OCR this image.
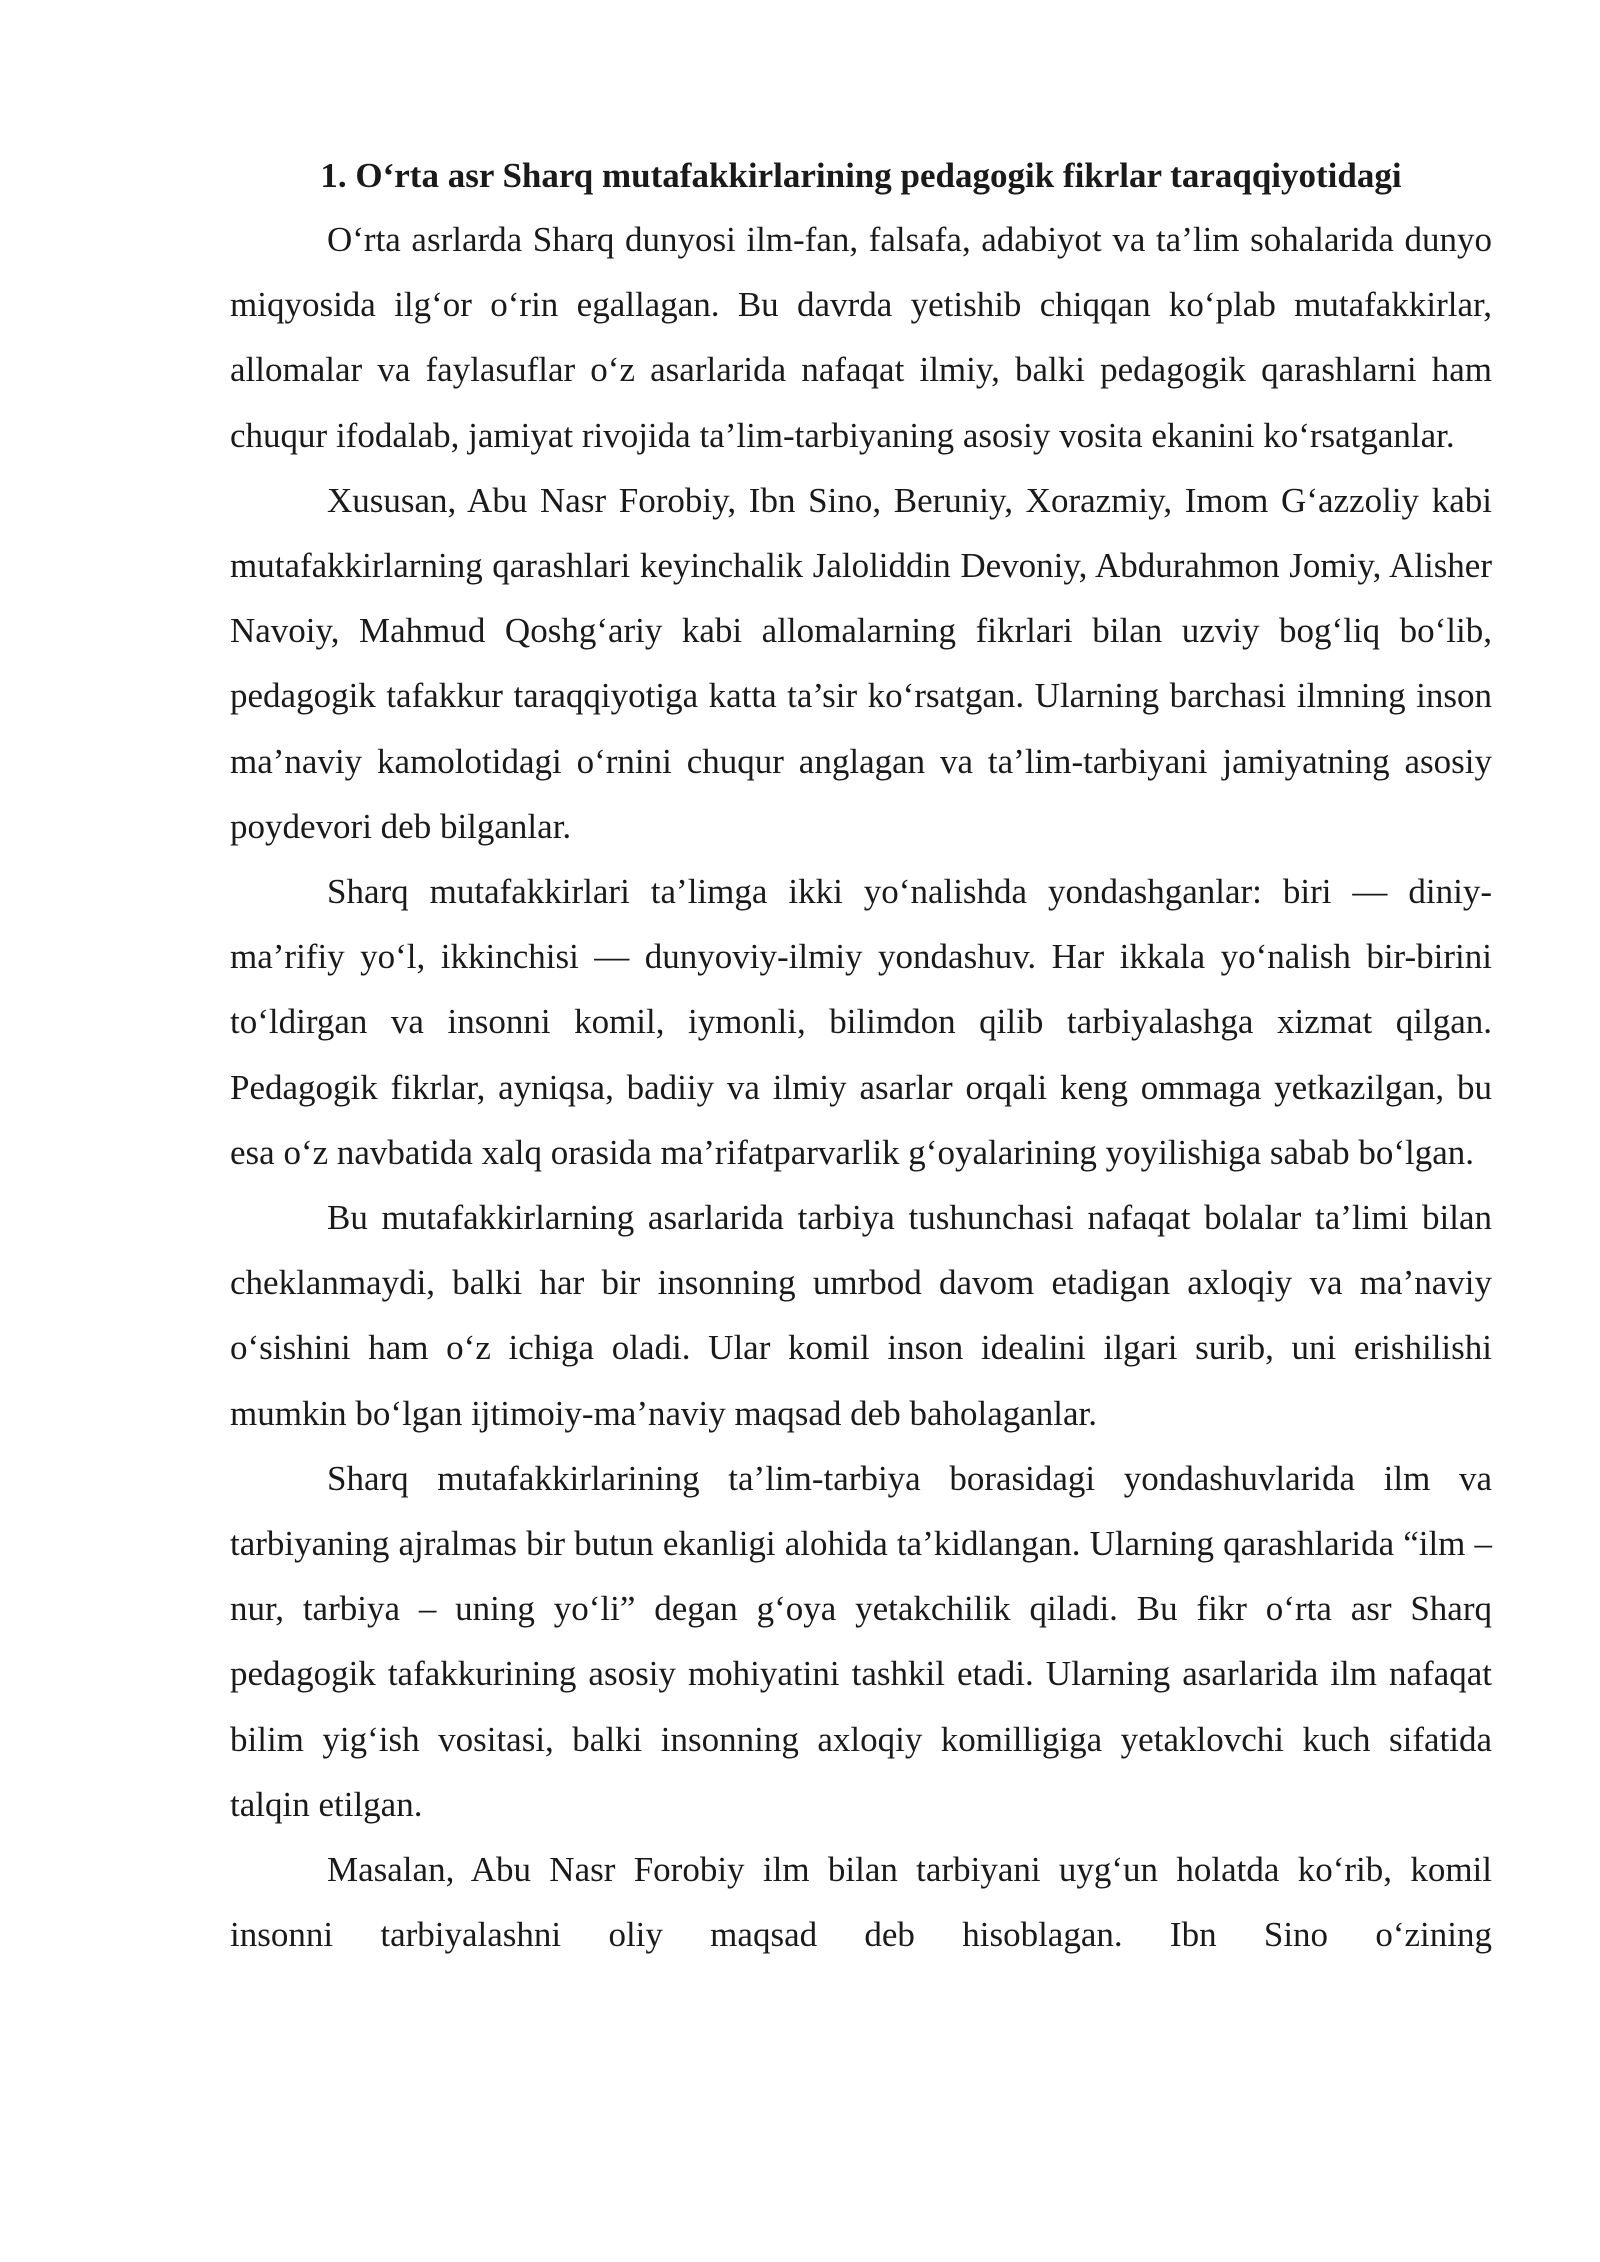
1. O‘rta asr Sharq mutafakkirlarining pedagogik fikrlar taraqqiyotidagi

O‘rta asrlarda Sharq dunyosi ilm-fan, falsafa, adabiyot va ta’lim sohalarida dunyo miqyosida ilg‘or o‘rin egallagan. Bu davrda yetishib chiqqan ko‘plab mutafakkirlar, allomalar va faylasuflar o‘z asarlarida nafaqat ilmiy, balki pedagogik qarashlarni ham chuqur ifodalab, jamiyat rivojida ta’lim-tarbiyaning asosiy vosita ekanini ko‘rsatganlar.

Xususan, Abu Nasr Forobiy, Ibn Sino, Beruniy, Xorazmiy, Imom G‘azzoliy kabi mutafakkirlarning qarashlari keyinchalik Jaloliddin Devoniy, Abdurahmon Jomiy, Alisher Navoiy, Mahmud Qoshg‘ariy kabi allomalarning fikrlari bilan uzviy bog‘liq bo‘lib, pedagogik tafakkur taraqqiyotiga katta ta’sir ko‘rsatgan. Ularning barchasi ilmning inson ma’naviy kamolotidagi o‘rnini chuqur anglagan va ta’lim-tarbiyani jamiyatning asosiy poydevori deb bilganlar.

Sharq mutafakkirlari ta’limga ikki yo‘nalishda yondashganlar: biri — diniy-ma’rifiy yo‘l, ikkinchisi — dunyoviy-ilmiy yondashuv. Har ikkala yo‘nalish bir-birini to‘ldirgan va insonni komil, iymonli, bilimdon qilib tarbiyalashga xizmat qilgan. Pedagogik fikrlar, ayniqsa, badiiy va ilmiy asarlar orqali keng ommaga yetkazilgan, bu esa o‘z navbatida xalq orasida ma’rifatparvarlik g‘oyalarining yoyilishiga sabab bo‘lgan.

Bu mutafakkirlarning asarlarida tarbiya tushunchasi nafaqat bolalar ta’limi bilan cheklanmaydi, balki har bir insonning umrbod davom etadigan axloqiy va ma’naviy o‘sishini ham o‘z ichiga oladi. Ular komil inson idealini ilgari surib, uni erishilishi mumkin bo‘lgan ijtimoiy-ma’naviy maqsad deb baholaganlar.

Sharq mutafakkirlarining ta’lim-tarbiya borasidagi yondashuvlarida ilm va tarbiyaning ajralmas bir butun ekanligi alohida ta’kidlangan. Ularning qarashlarida “ilm – nur, tarbiya – uning yo‘li” degan g‘oya yetakchilik qiladi. Bu fikr o‘rta asr Sharq pedagogik tafakkurining asosiy mohiyatini tashkil etadi. Ularning asarlarida ilm nafaqat bilim yig‘ish vositasi, balki insonning axloqiy komilligiga yetaklovchi kuch sifatida talqin etilgan.

Masalan, Abu Nasr Forobiy ilm bilan tarbiyani uyg‘un holatda ko‘rib, komil insonni tarbiyalashni oliy maqsad deb hisoblagan. Ibn Sino o‘zining
